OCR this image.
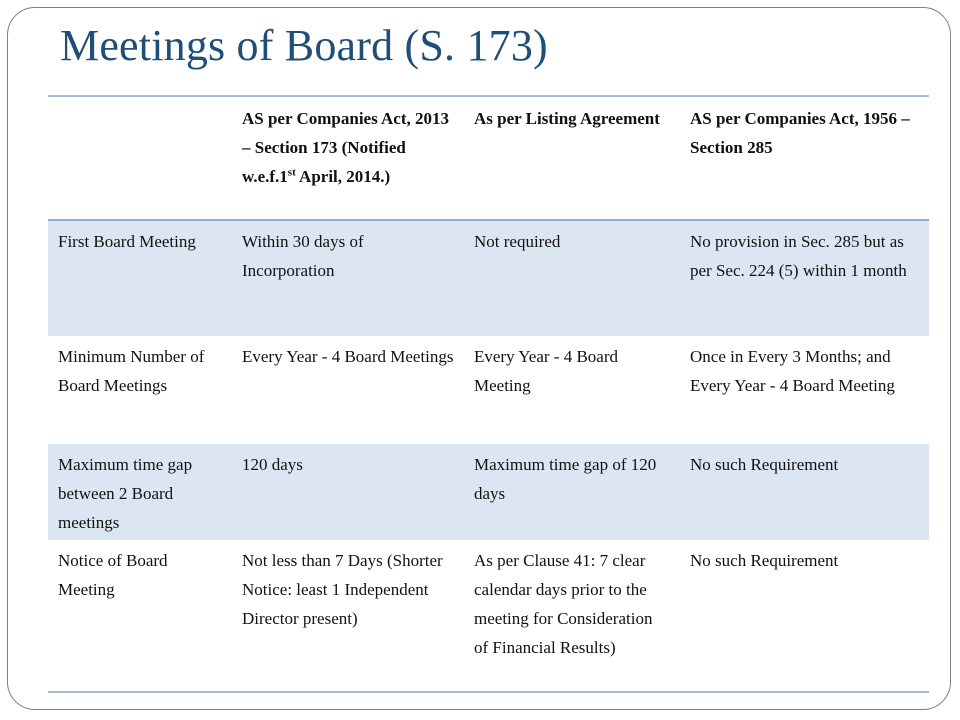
Meetings of Board (S. 173)
	AS per Companies Act, 2013 – Section 173 (Notified w.e.f.1st April, 2014.)	As per Listing Agreement	AS per Companies Act, 1956 – Section 285
First Board Meeting	Within 30 days of Incorporation	Not required	No provision in Sec. 285 but as per Sec. 224 (5) within 1 month
Minimum Number of Board Meetings	Every Year - 4 Board Meetings	Every Year - 4 Board Meeting	Once in Every 3 Months; and Every Year - 4 Board Meeting
Maximum time gap between 2 Board meetings	120 days	Maximum time gap of 120 days	No such Requirement
Notice of Board Meeting	Not less than 7 Days (Shorter Notice: least 1 Independent Director present)	As per Clause 41: 7 clear calendar days prior to the meeting for Consideration of Financial Results)	No such Requirement
